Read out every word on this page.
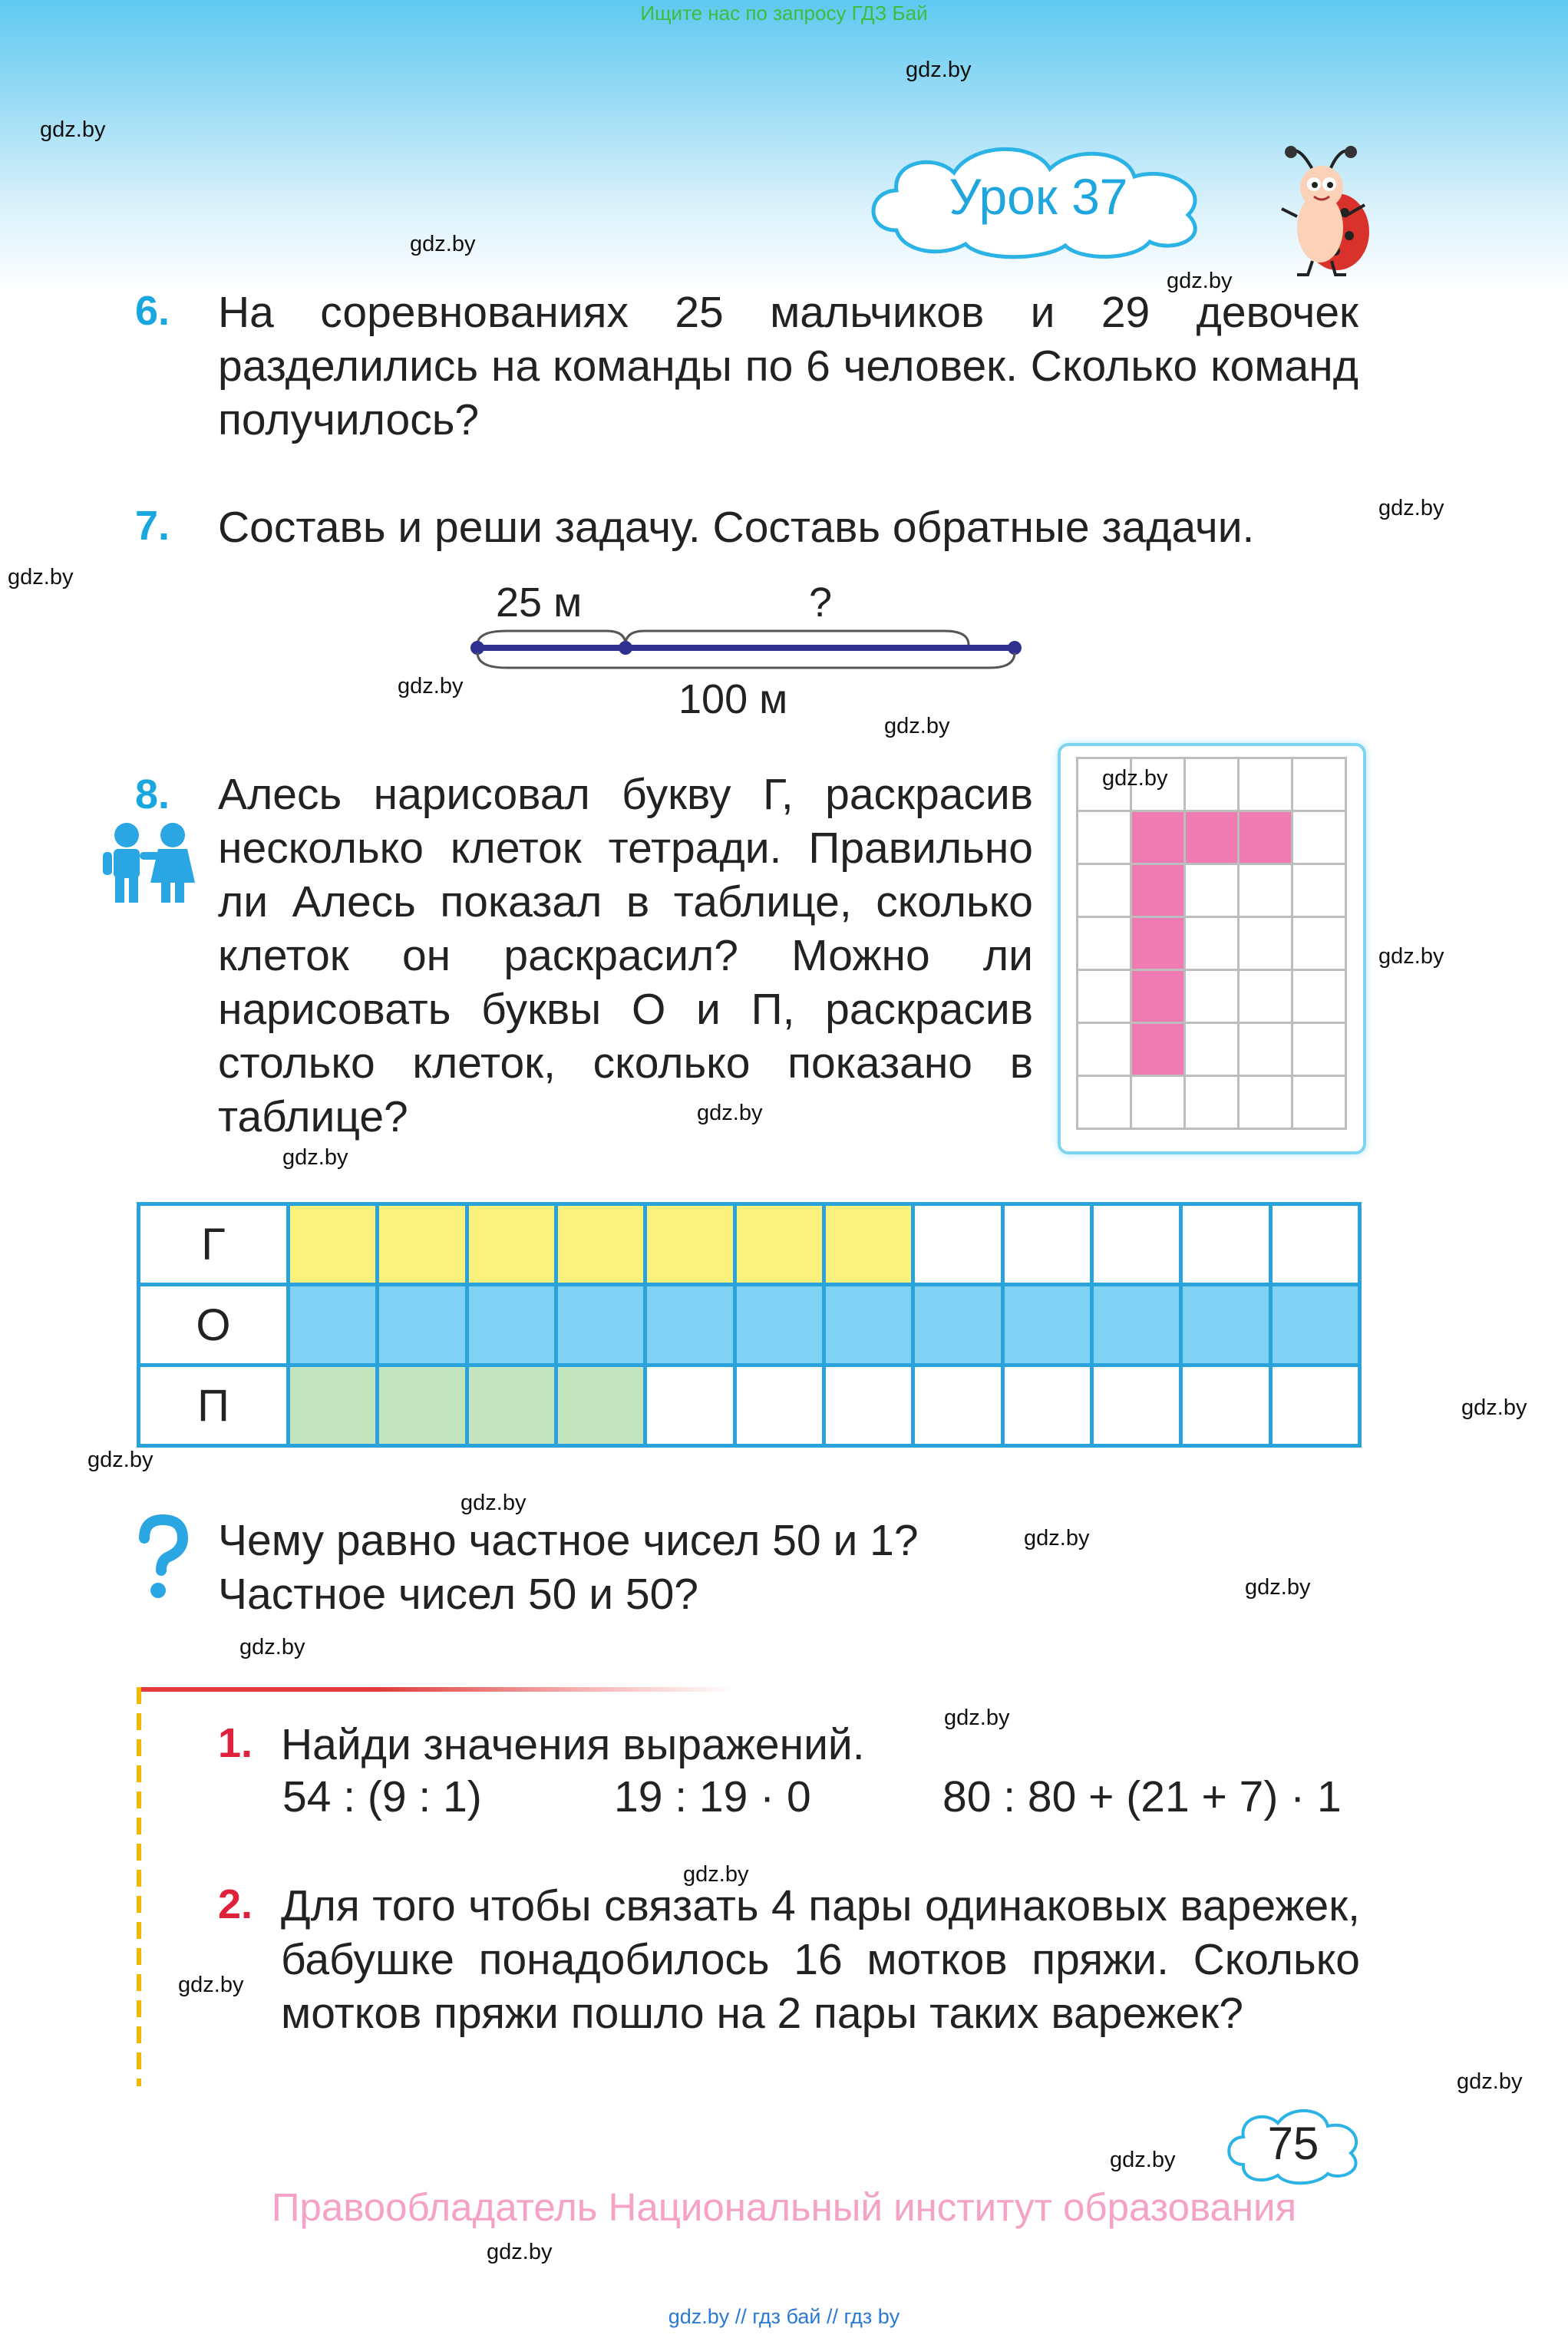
Ищите нас по запросу ГДЗ Бай
Урок 37
gdz.by
gdz.by
gdz.by
gdz.by
gdz.by
gdz.by
gdz.by
gdz.by
gdz.by
gdz.by
gdz.by
gdz.by
gdz.by
gdz.by
gdz.by
gdz.by
gdz.by
gdz.by
gdz.by
gdz.by
gdz.by
gdz.by
gdz.by
6. На соревнованиях 25 мальчиков и 29 девочек разделились на команды по 6 человек. Сколько команд получилось?
7. Составь и реши задачу. Составь обратные задачи.
25 м	?
100 м
8. Алесь нарисовал букву Г, раскрасив несколько клеток тетради. Правильно ли Алесь показал в таблице, сколько клеток он раскрасил? Можно ли нарисовать буквы О и П, раскрасив столько клеток, сколько показано в таблице?

gdz.by
Г												
О												
П												
Чему равно частное чисел 50 и 1?
Частное чисел 50 и 50?
1. Найди значения выражений.
54 : (9 : 1)	19 : 19 · 0	80 : 80 + (21 + 7) · 1
2. Для того чтобы связать 4 пары одинаковых варежек, бабушке понадобилось 16 мотков пряжи. Сколько мотков пряжи пошло на 2 пары таких варежек?
75
Правообладатель Национальный институт образования
gdz.by // гдз бай // гдз by
